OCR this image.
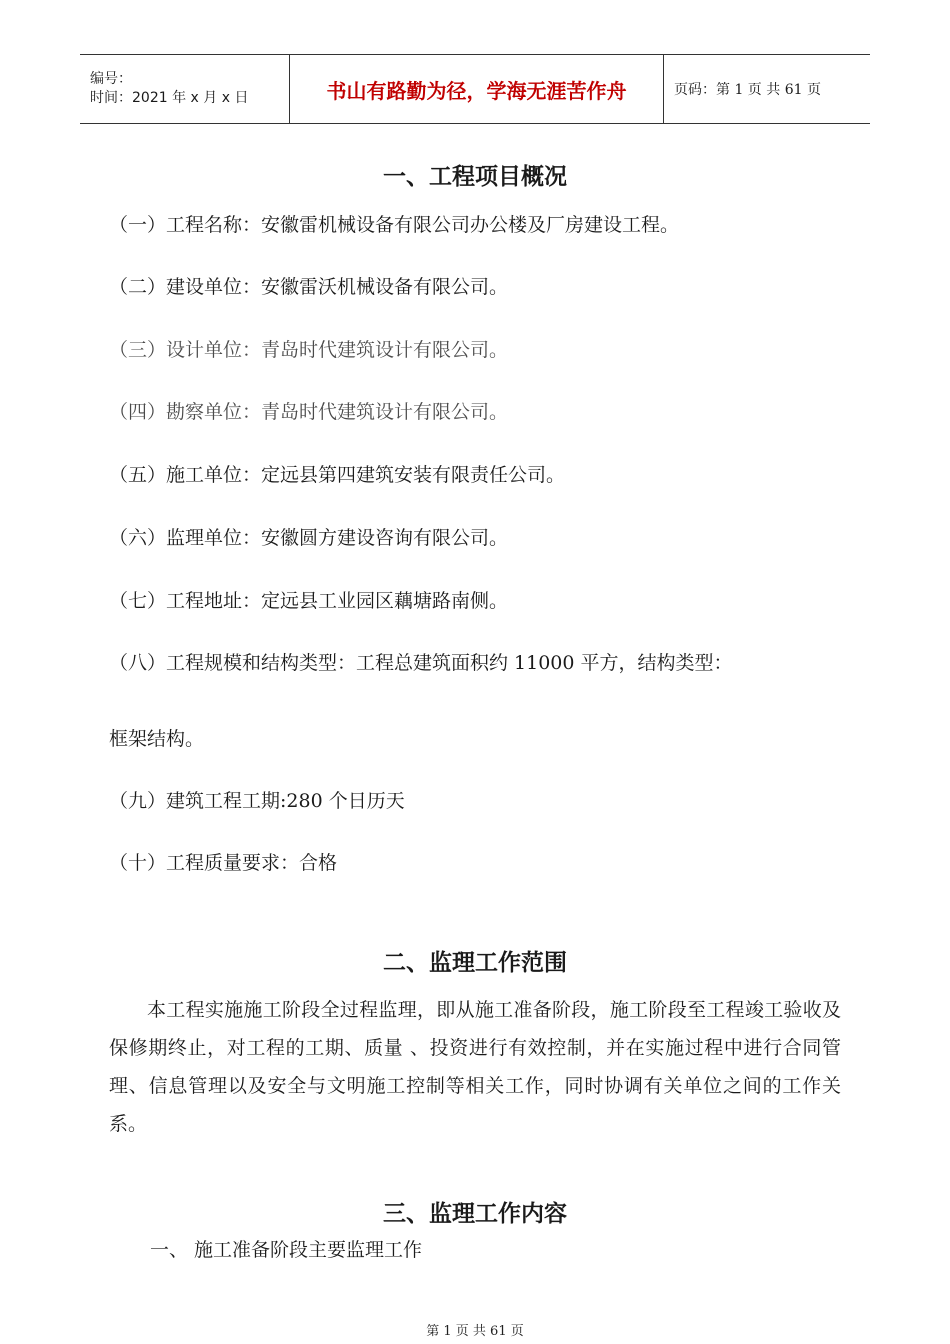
编号：
时间：2021 年 x 月 x 日	书山有路勤为径，学海无涯苦作舟	页码：第 1 页 共 61 页
一、工程项目概况
（一）工程名称：安徽雷机械设备有限公司办公楼及厂房建设工程。
（二）建设单位：安徽雷沃机械设备有限公司。
（三）设计单位：青岛时代建筑设计有限公司。
（四）勘察单位：青岛时代建筑设计有限公司。
（五）施工单位：定远县第四建筑安装有限责任公司。
（六）监理单位：安徽圆方建设咨询有限公司。
（七）工程地址：定远县工业园区藕塘路南侧。
（八）工程规模和结构类型：工程总建筑面积约 11000 平方，结构类型：
框架结构。
（九）建筑工程工期:280 个日历天
（十）工程质量要求：合格
二、监理工作范围
本工程实施施工阶段全过程监理，即从施工准备阶段，施工阶段至工程竣工验收及保修期终止，对工程的工期、质量 、投资进行有效控制，并在实施过程中进行合同管理、信息管理以及安全与文明施工控制等相关工作，同时协调有关单位之间的工作关系。
三、监理工作内容
一、 施工准备阶段主要监理工作
第 1 页 共 61 页
